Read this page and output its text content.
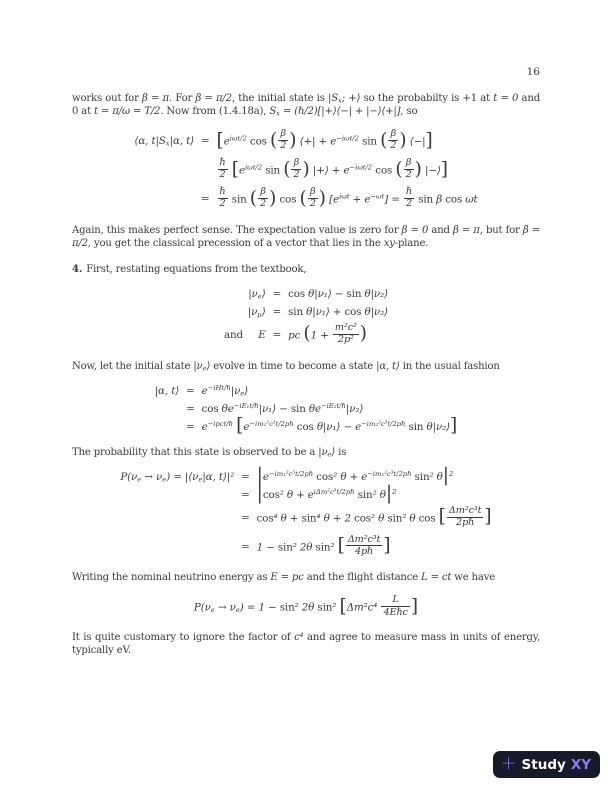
16

works out for β = π. For β = π/2, the initial state is $|S_x$; +⟩ so the probabilty is +1 at t = 0 and 0 at t = π/ω = T/2. Now from (1.4.18a), $S_x$ = (ℏ/2)[|+⟩⟨−| + |−⟩⟨+|], so

⟨α, $t|S_x|\alpha$, t⟩ = [$e^{i\omega t/2}$ cos ( $\frac{\beta}{2}$ ) ⟨+| + $e^{-i\omega t/2}$ sin ( $\frac{\beta}{2}$ ) ⟨−|]
$\frac{\text{ℏ}}{2} [e^{i\omega t/2}$ sin ( $\frac{\beta}{2}$ ) |+⟩ + $e^{-i\omega t/2}$ cos ( $\frac{\beta}{2}$ ) |−⟩]
= $\frac{\text{ℏ}}{2}$ sin ( $\frac{\beta}{2}$ ) cos ( $\frac{\beta}{2}$ ) $[e^{i\omega t} + e^{-\omega t}] = \frac{\text{ℏ}}{2}$ sin β cos ωt

Again, this makes perfect sense. The expectation value is zero for β = 0 and β = π, but for β = π/2, you get the classical precession of a vector that lies in the xy-plane.

4. First, restating equations from the textbook,

$|\nu_e⟩ = \cos$ θ|ν₁⟩ − sin θ|ν₂⟩
$|\nu_\mu⟩ = \sin$ θ|ν₁⟩ + cos θ|ν₂⟩
and  E = pc ($1 + \frac{\text{m²c²}}{\text{2p²}}$ )

Now, let the initial state $|\nu_e⟩$ evolve in time to become a state |α, t⟩ in the usual fashion

|α, t⟩ = $e^{-iHt/\hbar}|\nu_e⟩$
= $\cos \theta e^{-iE_1t/\hbar}|\nu_1⟩ - \sin$ $\theta e^{-iE_2t/\hbar}|\nu_2⟩$
= $e^{-ipct/\hbar}$ [$e^{-im_1^2c^3t/2p\hbar}$ cos θ|ν₁⟩ − $e^{-im_2^2c^3t/2p\hbar}$ sin θ|ν₂⟩]

The probability that this state is observed to be a $|\nu_e⟩$ is

$P(\nu_e \to \nu_e)$ = $|⟨\nu_e|\alpha$, t⟩|² = $|e^{-im_1^2c^3t/2p\hbar}$ cos² $\theta + e^{-im_2^2c^3t/2p\hbar}$ sin² $\theta|^2$
= |cos² $\theta + e^{i\Delta m^2c^3t/2p\hbar}$ sin² $\theta|^2$
= cos⁴ θ + sin⁴ θ + 2 cos² θ sin² θ cos [ $\frac{\text{Δm²c³t}}{\text{2pℏ}}$ ]
= 1 − sin² 2θ sin² [ $\frac{\text{Δm²c³t}}{\text{4pℏ}}$ ]

Writing the nominal neutrino energy as E = pc and the flight distance L = ct we have

$P(\nu_e \to \nu_e) = 1 - \sin^2$ 2θ sin² [$\Delta m^2c^4 \frac{L}{\text{4Eℏc}}$ ]

It is quite customary to ignore the factor of c⁴ and agree to measure mass in units of energy, typically eV.

+ Study XY
